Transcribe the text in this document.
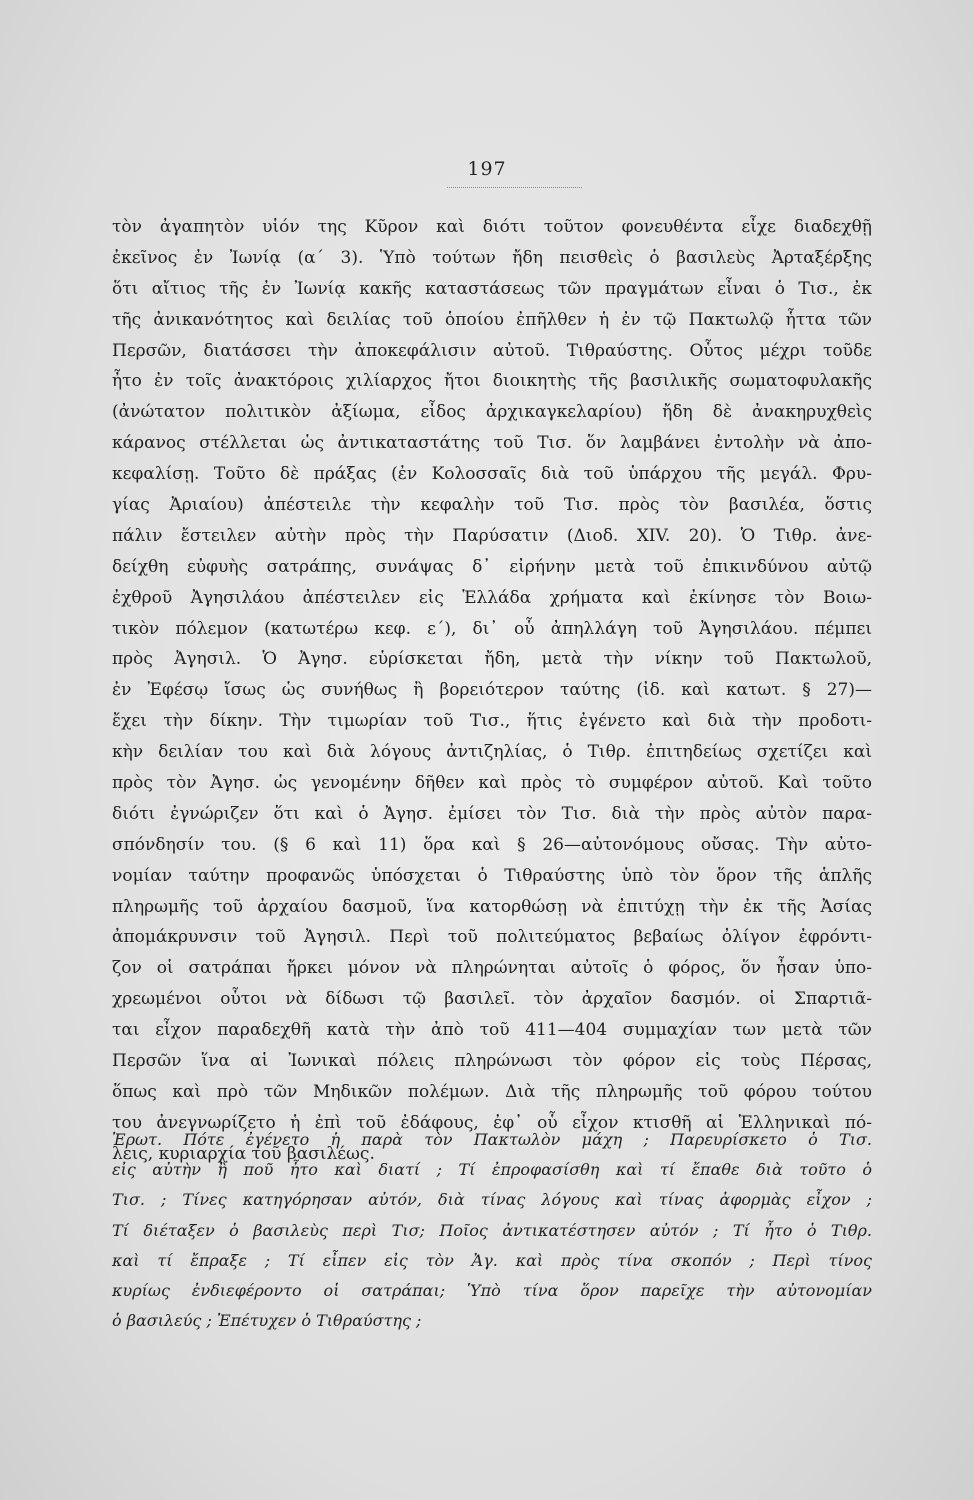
197
τὸν ἀγαπητὸν υἱόν της Κῦρον καὶ διότι τοῦτον φονευθέντα εἶχε διαδεχθῇ
ἐκεῖνος ἐν Ἰωνίᾳ (α΄ 3). Ὑπὸ τούτων ἤδη πεισθεὶς ὁ βασιλεὺς Ἀρταξέρξης
ὅτι αἴτιος τῆς ἐν Ἰωνίᾳ κακῆς καταστάσεως τῶν πραγμάτων εἶναι ὁ Τισ., ἐκ
τῆς ἀνικανότητος καὶ δειλίας τοῦ ὁποίου ἐπῆλθεν ἡ ἐν τῷ Πακτωλῷ ἧττα τῶν
Περσῶν, διατάσσει τὴν ἀποκεφάλισιν αὐτοῦ. Τιθραύστης. Οὗτος μέχρι τοῦδε
ἦτο ἐν τοῖς ἀνακτόροις χιλίαρχος ἤτοι διοικητὴς τῆς βασιλικῆς σωματοφυλακῆς
(ἀνώτατον πολιτικὸν ἀξίωμα, εἶδος ἀρχικαγκελαρίου) ἤδη δὲ ἀνακηρυχθεὶς
κάρανος στέλλεται ὡς ἀντικαταστάτης τοῦ Τισ. ὅν λαμβάνει ἐντολὴν νὰ ἀπο-
κεφαλίσῃ. Τοῦτο δὲ πράξας (ἐν Κολοσσαῖς διὰ τοῦ ὑπάρχου τῆς μεγάλ. Φρυ-
γίας Ἀριαίου) ἀπέστειλε τὴν κεφαλὴν τοῦ Τισ. πρὸς τὸν βασιλέα, ὅστις
πάλιν ἔστειλεν αὐτὴν πρὸς τὴν Παρύσατιν (Διοδ. XIV. 20). Ὁ Τιθρ. ἀνε-
δείχθη εὐφυὴς σατράπης, συνάψας δ᾽ εἰρήνην μετὰ τοῦ ἐπικινδύνου αὐτῷ
ἐχθροῦ Ἀγησιλάου ἀπέστειλεν εἰς Ἑλλάδα χρήματα καὶ ἐκίνησε τὸν Βοιω-
τικὸν πόλεμον (κατωτέρω κεφ. ε΄), δι᾽ οὗ ἀπηλλάγη τοῦ Ἀγησιλάου. πέμπει
πρὸς Ἀγησιλ. Ὁ Ἀγησ. εὑρίσκεται ἤδη, μετὰ τὴν νίκην τοῦ Πακτωλοῦ,
ἐν Ἐφέσῳ ἴσως ὡς συνήθως ἢ βορειότερον ταύτης (ἰδ. καὶ κατωτ. § 27)—
ἔχει τὴν δίκην. Τὴν τιμωρίαν τοῦ Τισ., ἥτις ἐγένετο καὶ διὰ τὴν προδοτι-
κὴν δειλίαν του καὶ διὰ λόγους ἀντιζηλίας, ὁ Τιθρ. ἐπιτηδείως σχετίζει καὶ
πρὸς τὸν Ἀγησ. ὡς γενομένην δῆθεν καὶ πρὸς τὸ συμφέρον αὐτοῦ. Καὶ τοῦτο
διότι ἐγνώριζεν ὅτι καὶ ὁ Ἀγησ. ἐμίσει τὸν Τισ. διὰ τὴν πρὸς αὐτὸν παρα-
σπόνδησίν του. (§ 6 καὶ 11) ὅρα καὶ § 26—αὐτονόμους οὔσας. Τὴν αὐτο-
νομίαν ταύτην προφανῶς ὑπόσχεται ὁ Τιθραύστης ὑπὸ τὸν ὅρον τῆς ἁπλῆς
πληρωμῆς τοῦ ἀρχαίου δασμοῦ, ἵνα κατορθώσῃ νὰ ἐπιτύχῃ τὴν ἐκ τῆς Ἀσίας
ἀπομάκρυνσιν τοῦ Ἀγησιλ. Περὶ τοῦ πολιτεύματος βεβαίως ὀλίγον ἐφρόντι-
ζον οἱ σατράπαι ἤρκει μόνον νὰ πληρώνηται αὐτοῖς ὁ φόρος, ὅν ἦσαν ὑπο-
χρεωμένοι οὗτοι νὰ δίδωσι τῷ βασιλεῖ. τὸν ἀρχαῖον δασμόν. οἱ Σπαρτιᾶ-
ται εἶχον παραδεχθῆ κατὰ τὴν ἀπὸ τοῦ 411—404 συμμαχίαν των μετὰ τῶν
Περσῶν ἵνα αἱ Ἰωνικαὶ πόλεις πληρώνωσι τὸν φόρον εἰς τοὺς Πέρσας,
ὅπως καὶ πρὸ τῶν Μηδικῶν πολέμων. Διὰ τῆς πληρωμῆς τοῦ φόρου τούτου
του ἀνεγνωρίζετο ἡ ἐπὶ τοῦ ἐδάφους, ἐφ᾽ οὗ εἶχον κτισθῆ αἱ Ἑλληνικαὶ πό-
λεις, κυριαρχία τοῦ βασιλέως.
Ἐρωτ. Πότε ἐγένετο ἡ παρὰ τὸν Πακτωλὸν μάχη ; Παρευρίσκετο ὁ Τισ.
εἰς αὐτὴν ἢ ποῦ ἦτο καὶ διατί ; Τί ἐπροφασίσθη καὶ τί ἔπαθε διὰ τοῦτο ὁ
Τισ. ; Τίνες κατηγόρησαν αὐτόν, διὰ τίνας λόγους καὶ τίνας ἀφορμὰς εἶχον ;
Τί διέταξεν ὁ βασιλεὺς περὶ Τισ; Ποῖος ἀντικατέστησεν αὐτόν ; Τί ἦτο ὁ Τιθρ.
καὶ τί ἔπραξε ; Τί εἶπεν εἰς τὸν Ἀγ. καὶ πρὸς τίνα σκοπόν ; Περὶ τίνος
κυρίως ἐνδιεφέροντο οἱ σατράπαι; Ὑπὸ τίνα ὅρον παρεῖχε τὴν αὐτονομίαν
ὁ βασιλεύς ; Ἐπέτυχεν ὁ Τιθραύστης ;
